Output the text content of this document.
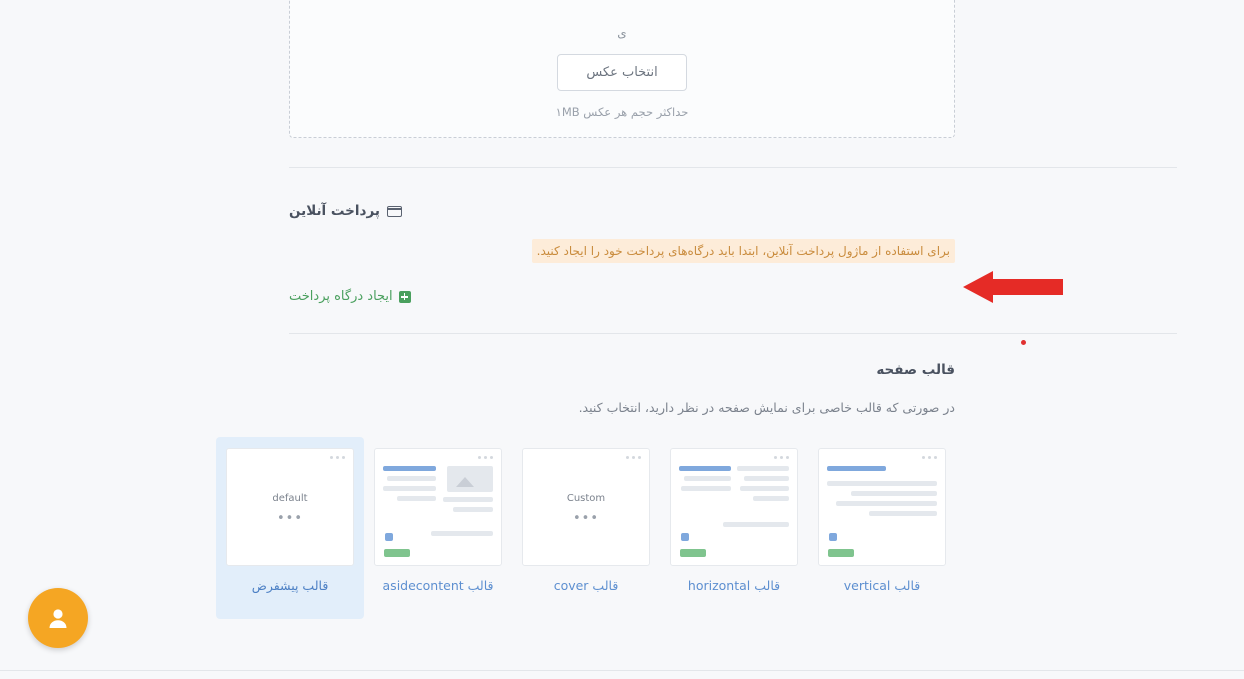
ی
انتخاب عکس
حداکثر حجم هر عکس ۱MB
پرداخت آنلاین
برای استفاده از ماژول پرداخت آنلاین، ابتدا باید درگاه‌های پرداخت خود را ایجاد کنید.
ایجاد درگاه پرداخت
قالب صفحه
در صورتی که قالب خاصی برای نمایش صفحه در نظر دارید، انتخاب کنید.
قالب vertical
قالب horizontal
Custom
•••
قالب cover
قالب asidecontent
default
•••
قالب پیشفرض
